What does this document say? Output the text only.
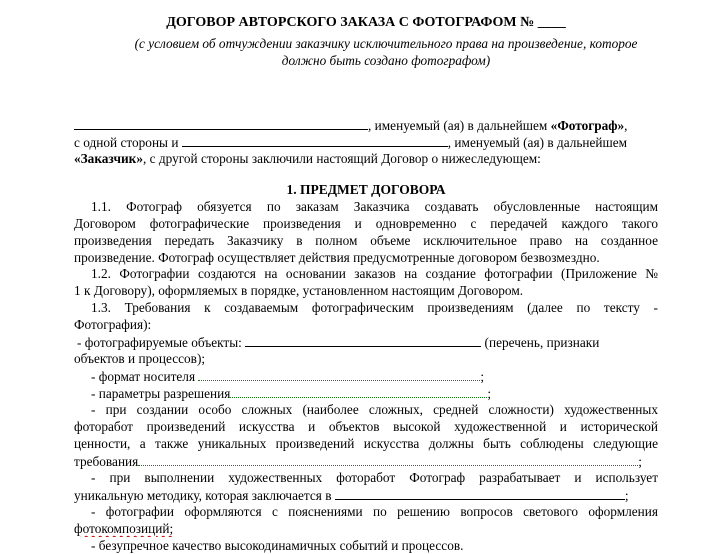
ДОГОВОР АВТОРСКОГО ЗАКАЗА С ФОТОГРАФОМ № ____
(с условием об отчуждении заказчику исключительного права на произведение, которое должно быть создано фотографом)
, именуемый (ая) в дальнейшем «Фотограф»,
с одной стороны и	, именуемый (ая) в дальнейшем
«Заказчик», с другой стороны заключили настоящий Договор о нижеследующем:
1. ПРЕДМЕТ ДОГОВОРА
1.1. Фотограф обязуется по заказам Заказчика создавать обусловленные настоящим
Договором фотографические произведения и одновременно с передачей каждого такого
произведения передать Заказчику в полном объеме исключительное право на созданное
произведение. Фотограф осуществляет действия предусмотренные договором безвозмездно.
1.2. Фотографии создаются на основании заказов на создание фотографии (Приложение №
1 к Договору), оформляемых в порядке, установленном настоящим Договором.
1.3. Требования к создаваемым фотографическим произведениям (далее по тексту -
Фотография):
- фотографируемые объекты:	(перечень, признаки
объектов и процессов);
- формат носителя	;
- параметры разрешения	;
- при создании особо сложных (наиболее сложных, средней сложности) художественных
фоторабот произведений искусства и объектов высокой художественной и исторической
ценности, а также уникальных произведений искусства должны быть соблюдены следующие
требования	;
- при выполнении художественных фоторабот Фотограф разрабатывает и использует
уникальную методику, которая заключается в	;
- фотографии оформляются с пояснениями по решению вопросов светового оформления
фотокомпозиций;
- безупречное качество высокодинамичных событий и процессов.
